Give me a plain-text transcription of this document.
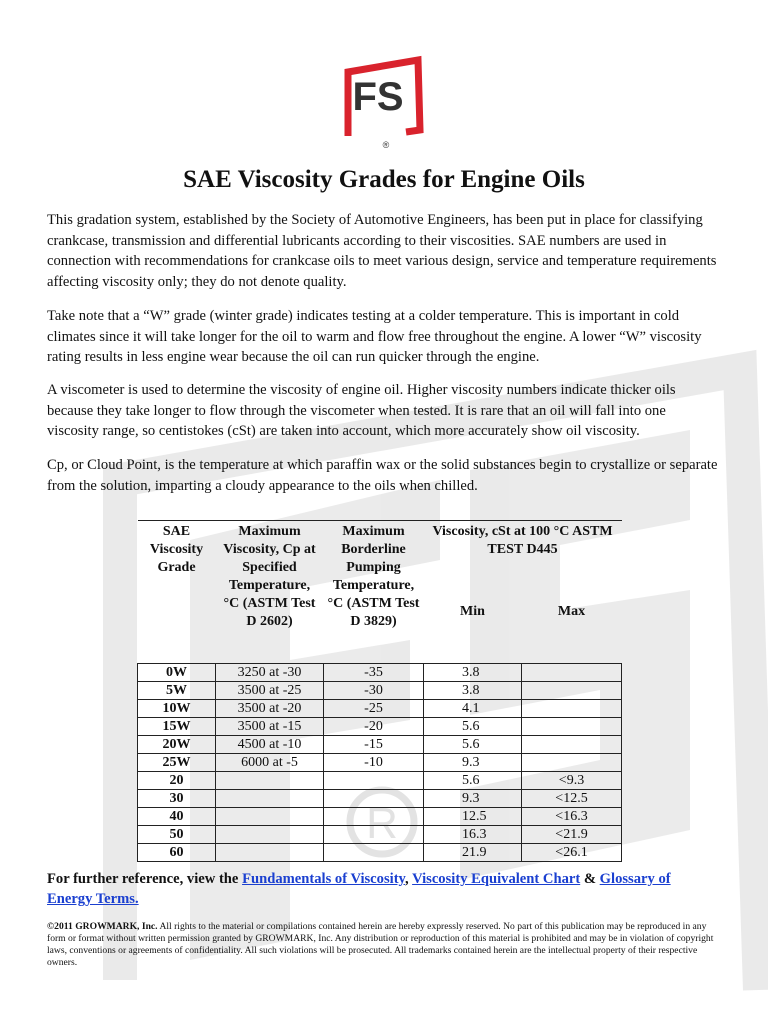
R
FS
®
SAE Viscosity Grades for Engine Oils

This gradation system, established by the Society of Automotive Engineers, has been put in place for classifying crankcase, transmission and differential lubricants according to their viscosities. SAE numbers are used in connection with recommendations for crankcase oils to meet various design, service and temperature requirements affecting viscosity only; they do not denote quality.

Take note that a “W” grade (winter grade) indicates testing at a colder temperature. This is important in cold climates since it will take longer for the oil to warm and flow free throughout the engine. A lower “W” viscosity rating results in less engine wear because the oil can run quicker through the engine.

A viscometer is used to determine the viscosity of engine oil. Higher viscosity numbers indicate thicker oils because they take longer to flow through the viscometer when tested. It is rare that an oil will fall into one viscosity range, so centistokes (cSt) are taken into account, which more accurately show oil viscosity.

Cp, or Cloud Point, is the temperature at which paraffin wax or the solid substances begin to crystallize or separate from the solution, imparting a cloudy appearance to the oils when chilled.

SAE Viscosity Grade	Maximum Viscosity, Cp at Specified Temperature, °C (ASTM Test D 2602)	Maximum Borderline Pumping Temperature, °C (ASTM Test D 3829)	Viscosity, cSt at 100 °C ASTM TEST D445	
			Min	Max
0W	3250 at -30	-35	3.8	
5W	3500 at -25	-30	3.8	
10W	3500 at -20	-25	4.1	
15W	3500 at -15	-20	5.6	
20W	4500 at -10	-15	5.6	
25W	6000 at -5	-10	9.3	
20			5.6	<9.3
30			9.3	<12.5
40			12.5	<16.3
50			16.3	<21.9
60			21.9	<26.1

For further reference, view the Fundamentals of Viscosity, Viscosity Equivalent Chart & Glossary of Energy Terms.

©2011 GROWMARK, Inc. All rights to the material or compilations contained herein are hereby expressly reserved. No part of this publication may be reproduced in any form or format without written permission granted by GROWMARK, Inc. Any distribution or reproduction of this material is prohibited and may be in violation of copyright laws, conventions or agreements of confidentiality. All such violations will be prosecuted. All trademarks contained herein are the intellectual property of their respective owners.
